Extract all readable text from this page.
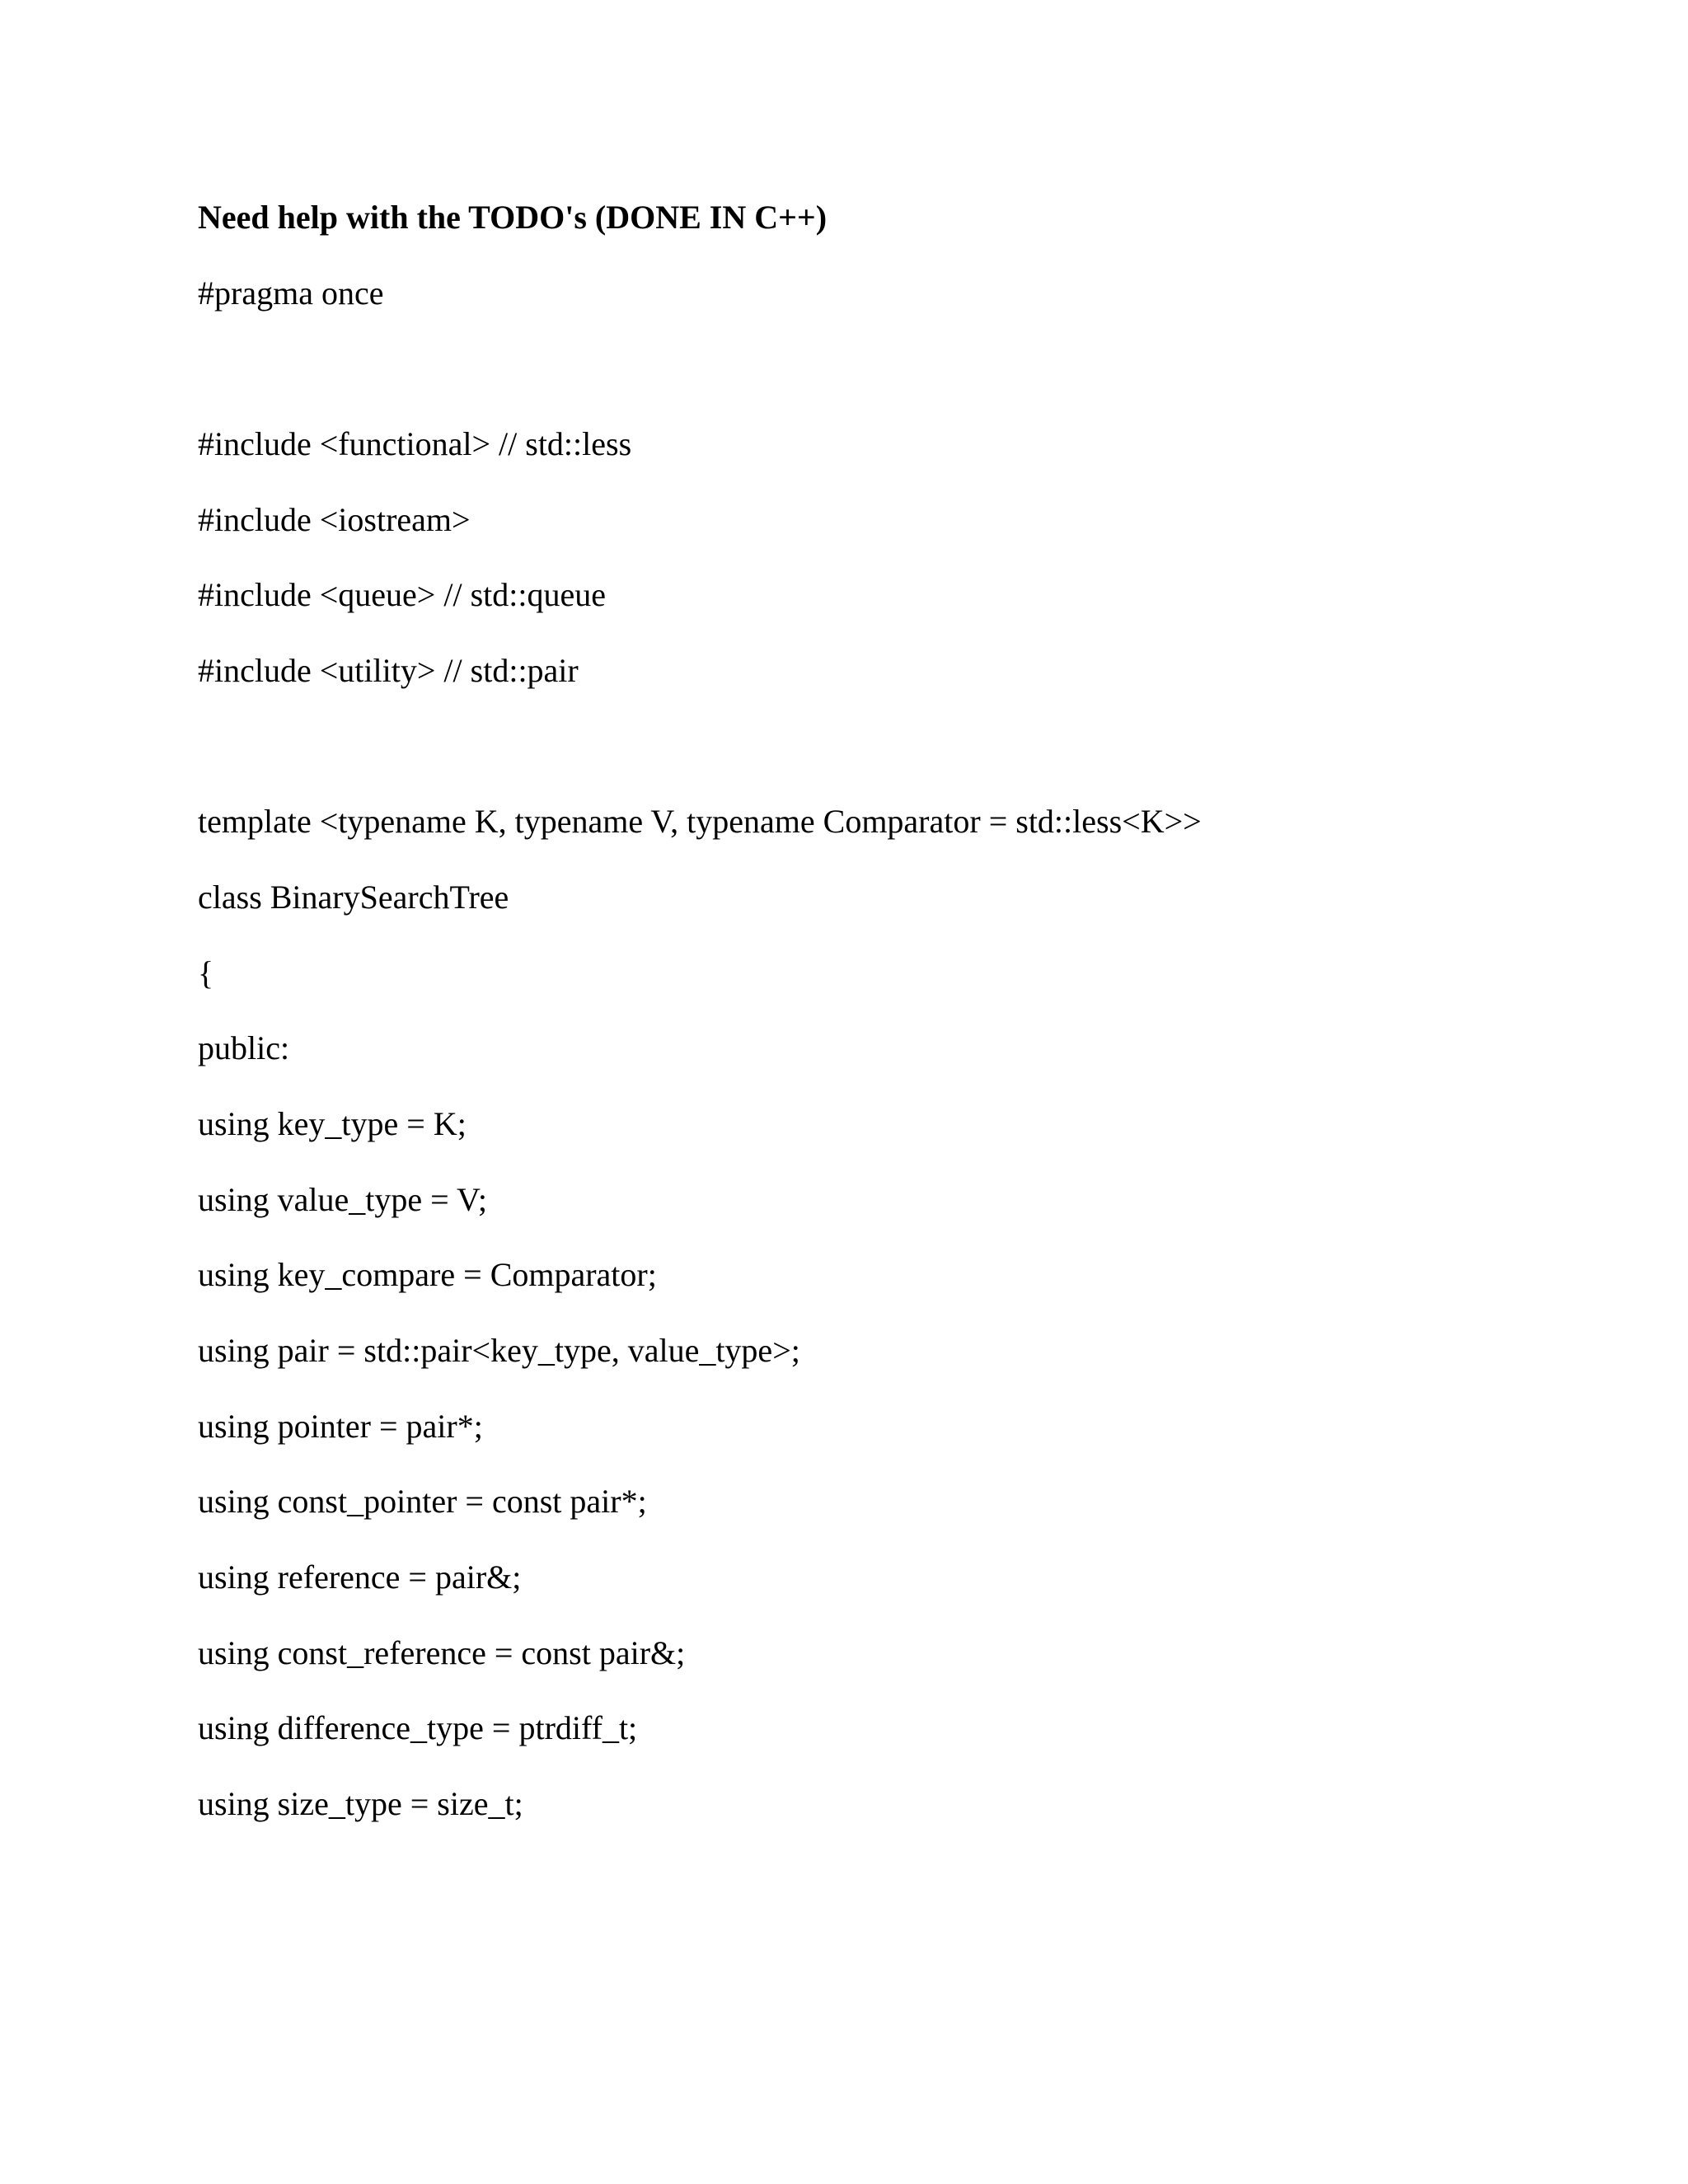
Need help with the TODO's (DONE IN C++)

#pragma once

#include <functional> // std::less

#include <iostream>

#include <queue> // std::queue

#include <utility> // std::pair

template <typename K, typename V, typename Comparator = std::less<K>>

class BinarySearchTree

{

public:

using key_type = K;

using value_type = V;

using key_compare = Comparator;

using pair = std::pair<key_type, value_type>;

using pointer = pair*;

using const_pointer = const pair*;

using reference = pair&;

using const_reference = const pair&;

using difference_type = ptrdiff_t;

using size_type = size_t;
